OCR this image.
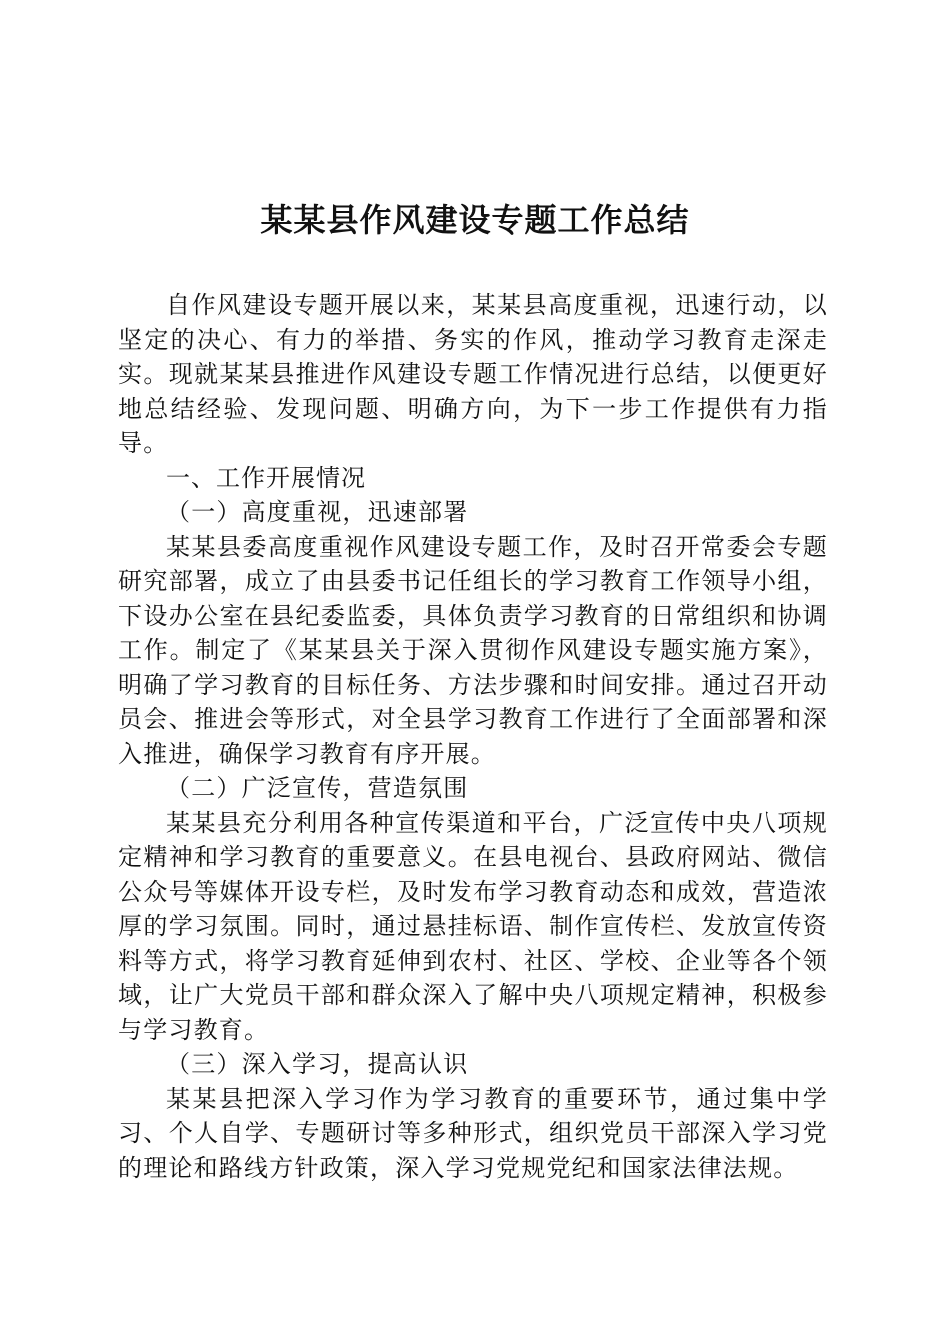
某某县作风建设专题工作总结

自作风建设专题开展以来，某某县高度重视，迅速行动，以坚定的决心、有力的举措、务实的作风，推动学习教育走深走实。现就某某县推进作风建设专题工作情况进行总结，以便更好地总结经验、发现问题、明确方向，为下一步工作提供有力指导。

一、工作开展情况

（一）高度重视，迅速部署

某某县委高度重视作风建设专题工作，及时召开常委会专题研究部署，成立了由县委书记任组长的学习教育工作领导小组，下设办公室在县纪委监委，具体负责学习教育的日常组织和协调工作。制定了《某某县关于深入贯彻作风建设专题实施方案》，明确了学习教育的目标任务、方法步骤和时间安排。通过召开动员会、推进会等形式，对全县学习教育工作进行了全面部署和深入推进，确保学习教育有序开展。

（二）广泛宣传，营造氛围

某某县充分利用各种宣传渠道和平台，广泛宣传中央八项规定精神和学习教育的重要意义。在县电视台、县政府网站、微信公众号等媒体开设专栏，及时发布学习教育动态和成效，营造浓厚的学习氛围。同时，通过悬挂标语、制作宣传栏、发放宣传资料等方式，将学习教育延伸到农村、社区、学校、企业等各个领域，让广大党员干部和群众深入了解中央八项规定精神，积极参与学习教育。

（三）深入学习，提高认识

某某县把深入学习作为学习教育的重要环节，通过集中学习、个人自学、专题研讨等多种形式，组织党员干部深入学习党的理论和路线方针政策，深入学习党规党纪和国家法律法规。
